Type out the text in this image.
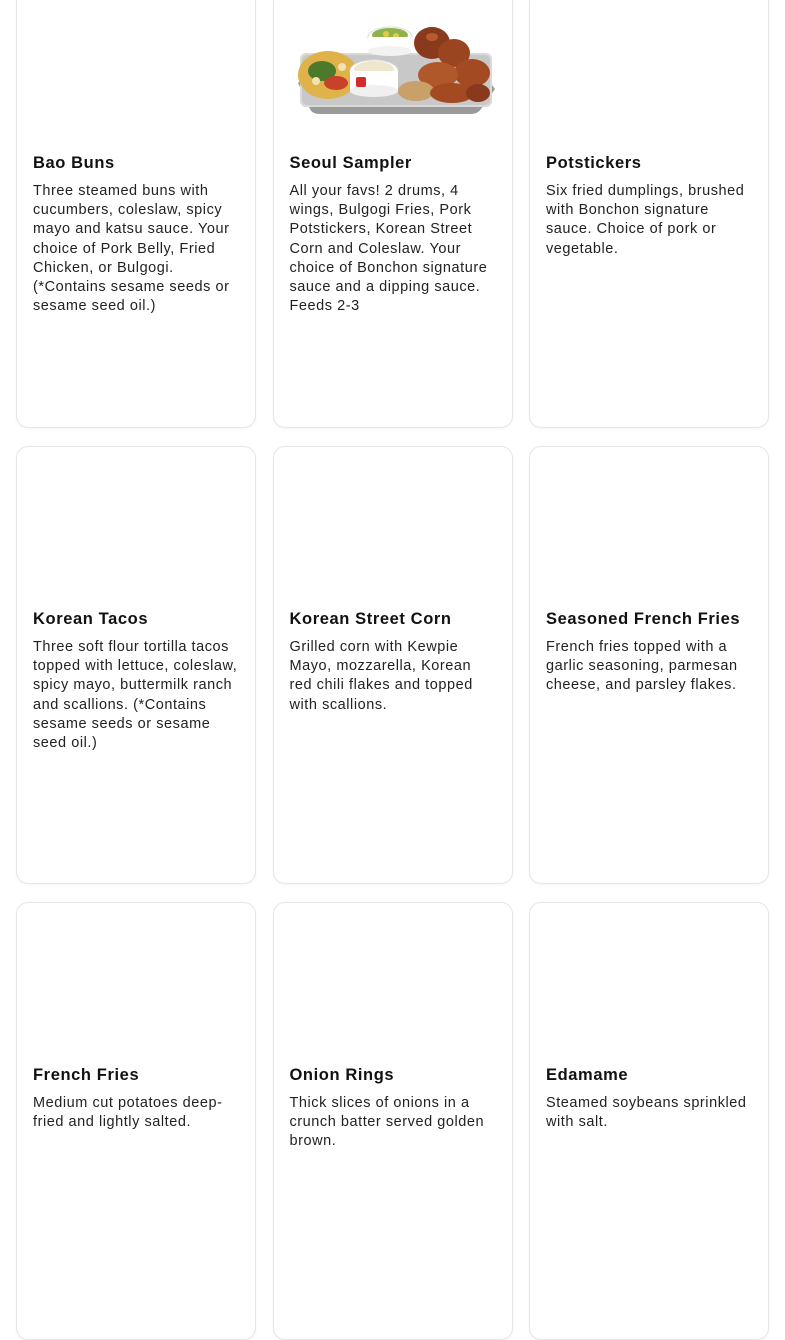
Bao Buns

Three steamed buns with cucumbers, coleslaw, spicy mayo and katsu sauce. Your choice of Pork Belly, Fried Chicken, or Bulgogi. (*Contains sesame seeds or sesame seed oil.)

Seoul Sampler

All your favs! 2 drums, 4 wings, Bulgogi Fries, Pork Potstickers, Korean Street Corn and Coleslaw. Your choice of Bonchon signature sauce and a dipping sauce. Feeds 2-3

Potstickers

Six fried dumplings, brushed with Bonchon signature sauce. Choice of pork or vegetable.

Korean Tacos

Three soft flour tortilla tacos topped with lettuce, coleslaw, spicy mayo, buttermilk ranch and scallions. (*Contains sesame seeds or sesame seed oil.)

Korean Street Corn

Grilled corn with Kewpie Mayo, mozzarella, Korean red chili flakes and topped with scallions.

Seasoned French Fries

French fries topped with a garlic seasoning, parmesan cheese, and parsley flakes.

French Fries

Medium cut potatoes deep-fried and lightly salted.

Onion Rings

Thick slices of onions in a crunch batter served golden brown.

Edamame

Steamed soybeans sprinkled with salt.
